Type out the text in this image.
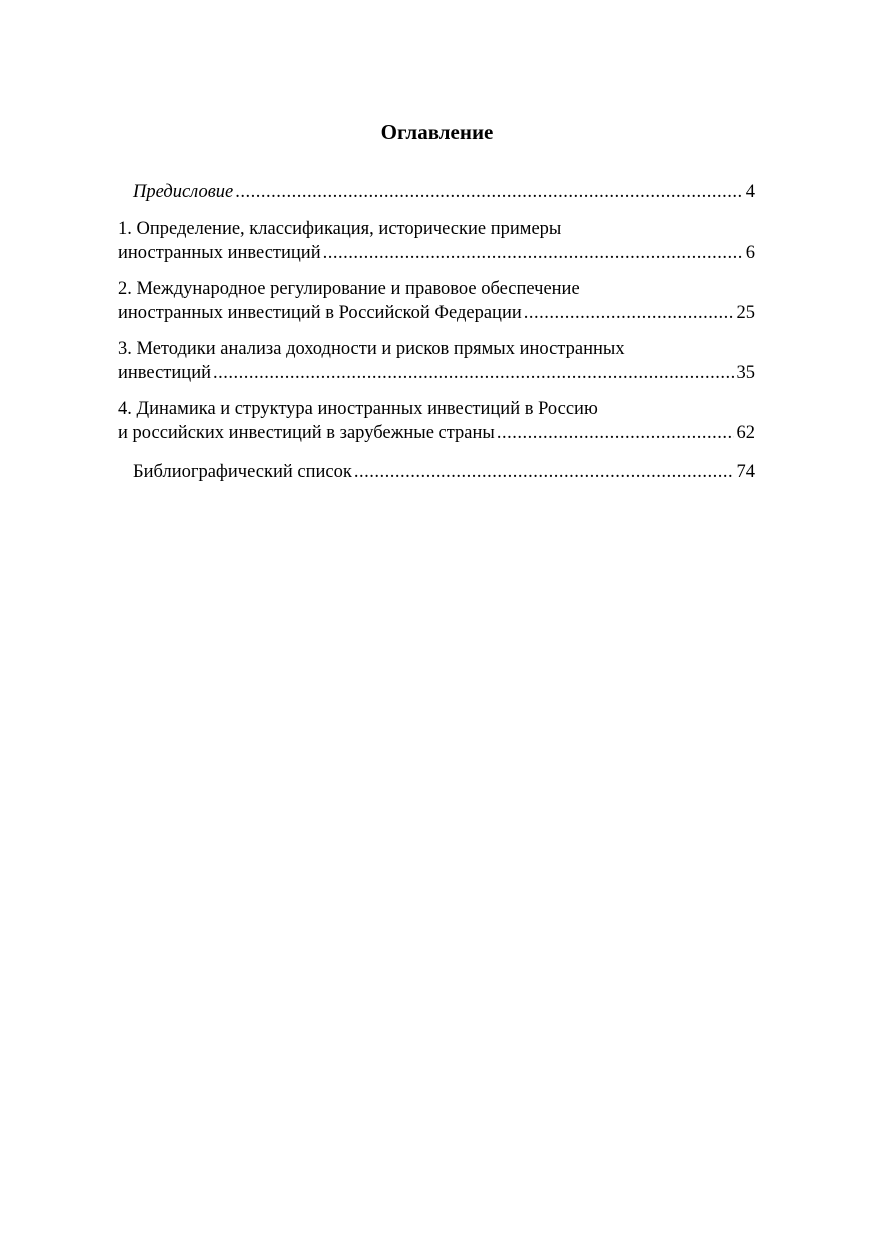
Оглавление
Предисловие .....	4
1. Определение, классификация, исторические примеры
иностранных инвестиций .....	6
2. Международное регулирование и правовое обеспечение
иностранных инвестиций в Российской Федерации .....	25
3. Методики анализа доходности и рисков прямых иностранных
инвестиций .....	35
4. Динамика и структура иностранных инвестиций в Россию
и российских инвестиций в зарубежные страны .....	62
Библиографический список .....	74
